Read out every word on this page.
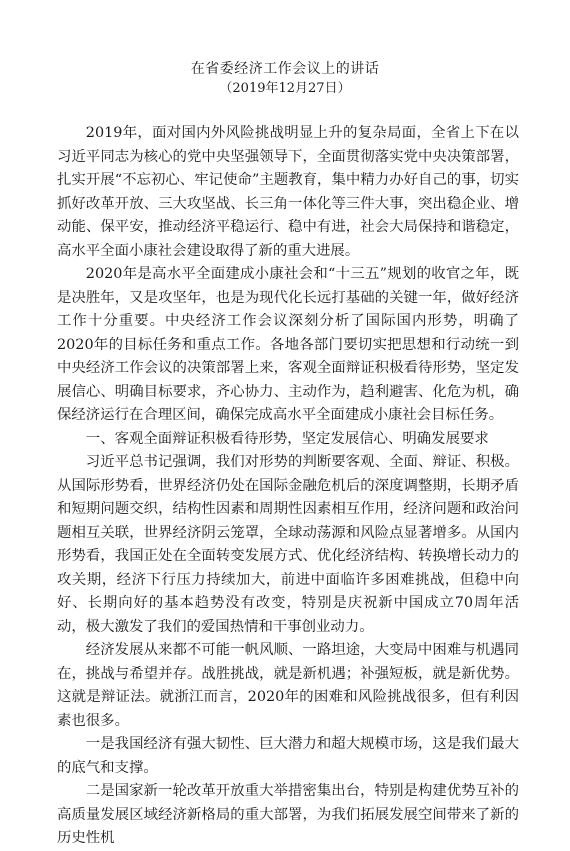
在省委经济工作会议上的讲话
（2019年12月27日）

2019年，面对国内外风险挑战明显上升的复杂局面，全省上下在以习近平同志为核心的党中央坚强领导下，全面贯彻落实党中央决策部署，扎实开展“不忘初心、牢记使命”主题教育，集中精力办好自己的事，切实抓好改革开放、三大攻坚战、长三角一体化等三件大事，突出稳企业、增动能、保平安，推动经济平稳运行、稳中有进，社会大局保持和谐稳定，高水平全面小康社会建设取得了新的重大进展。

2020年是高水平全面建成小康社会和“十三五”规划的收官之年，既是决胜年，又是攻坚年，也是为现代化长远打基础的关键一年，做好经济工作十分重要。中央经济工作会议深刻分析了国际国内形势，明确了2020年的目标任务和重点工作。各地各部门要切实把思想和行动统一到中央经济工作会议的决策部署上来，客观全面辩证积极看待形势，坚定发展信心、明确目标要求，齐心协力、主动作为，趋利避害、化危为机，确保经济运行在合理区间，确保完成高水平全面建成小康社会目标任务。

一、客观全面辩证积极看待形势，坚定发展信心、明确发展要求

习近平总书记强调，我们对形势的判断要客观、全面、辩证、积极。从国际形势看，世界经济仍处在国际金融危机后的深度调整期，长期矛盾和短期问题交织，结构性因素和周期性因素相互作用，经济问题和政治问题相互关联，世界经济阴云笼罩，全球动荡源和风险点显著增多。从国内形势看，我国正处在全面转变发展方式、优化经济结构、转换增长动力的攻关期，经济下行压力持续加大，前进中面临许多困难挑战，但稳中向好、长期向好的基本趋势没有改变，特别是庆祝新中国成立70周年活动，极大激发了我们的爱国热情和干事创业动力。

经济发展从来都不可能一帆风顺、一路坦途，大变局中困难与机遇同在，挑战与希望并存。战胜挑战，就是新机遇；补强短板，就是新优势。这就是辩证法。就浙江而言，2020年的困难和风险挑战很多，但有利因素也很多。

一是我国经济有强大韧性、巨大潜力和超大规模市场，这是我们最大的底气和支撑。

二是国家新一轮改革开放重大举措密集出台，特别是构建优势互补的高质量发展区域经济新格局的重大部署，为我们拓展发展空间带来了新的历史性机
